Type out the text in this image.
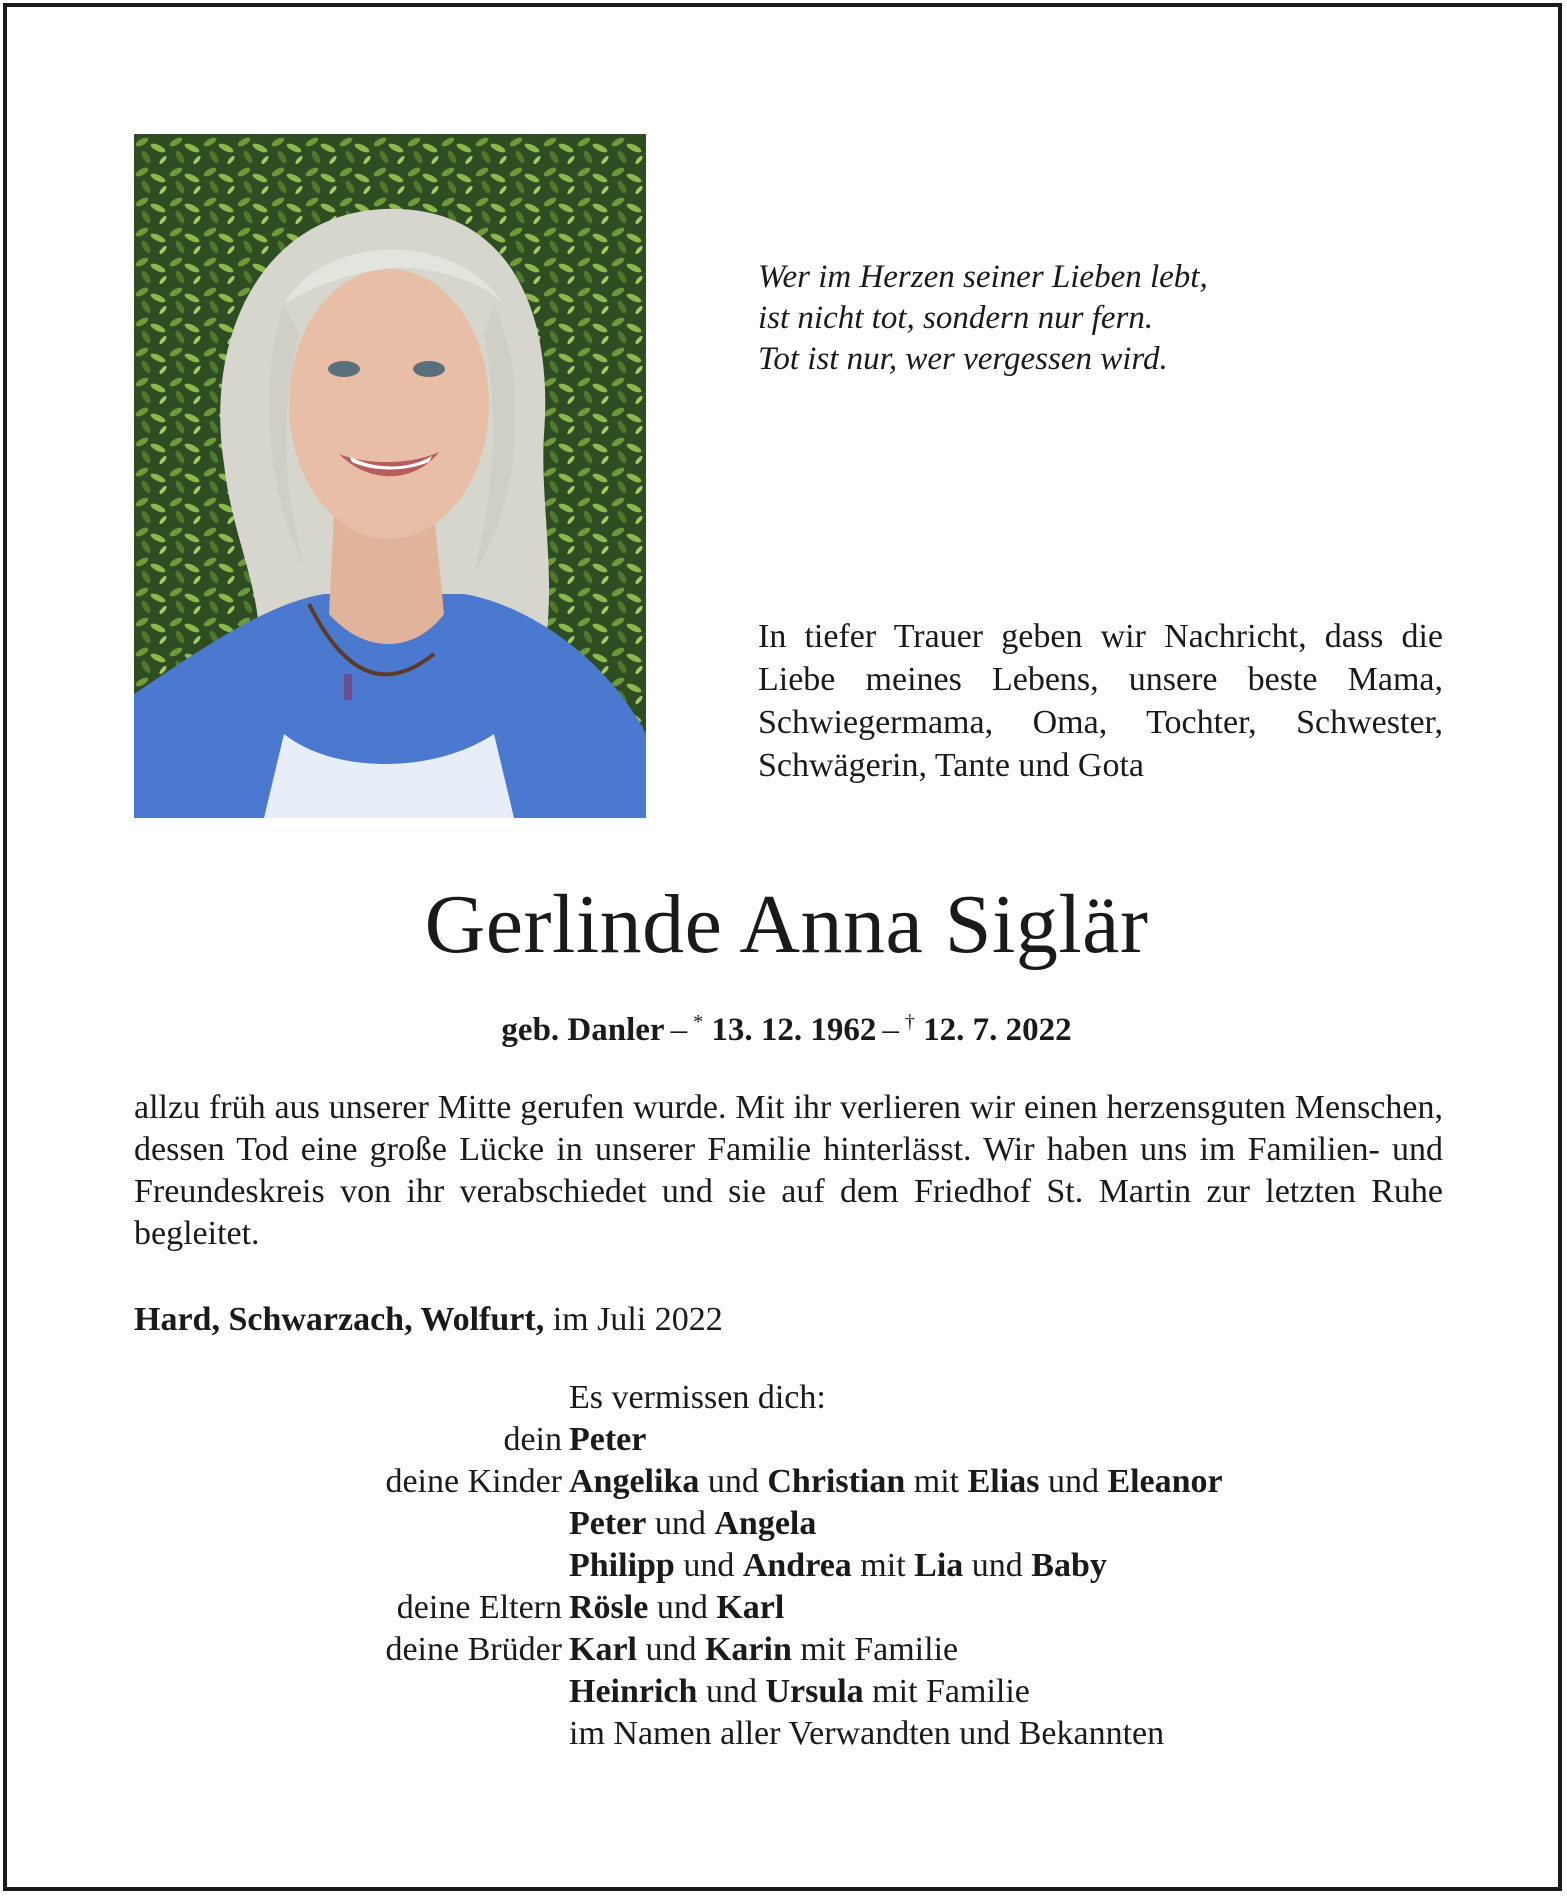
Wer im Herzen seiner Lieben lebt,
ist nicht tot, sondern nur fern.
Tot ist nur, wer vergessen wird.
In tiefer Trauer geben wir Nachricht, dass die Liebe meines Lebens, unsere beste Mama, Schwiegermama, Oma, Tochter, Schwester, Schwägerin, Tante und Gota
Gerlinde Anna Siglär
geb. Danler – * 13. 12. 1962 – † 12. 7. 2022

allzu früh aus unserer Mitte gerufen wurde. Mit ihr verlieren wir einen herzensguten Menschen, dessen Tod eine große Lücke in unserer Familie hinterlässt. Wir haben uns im Familien- und Freundeskreis von ihr verabschiedet und sie auf dem Friedhof St. Martin zur letzten Ruhe begleitet.

Hard, Schwarzach, Wolfurt, im Juli 2022
Es vermissen dich:
dein Peter
deine Kinder Angelika und Christian mit Elias und Eleanor
Peter und Angela
Philipp und Andrea mit Lia und Baby
deine Eltern Rösle und Karl
deine Brüder Karl und Karin mit Familie
Heinrich und Ursula mit Familie
im Namen aller Verwandten und Bekannten
